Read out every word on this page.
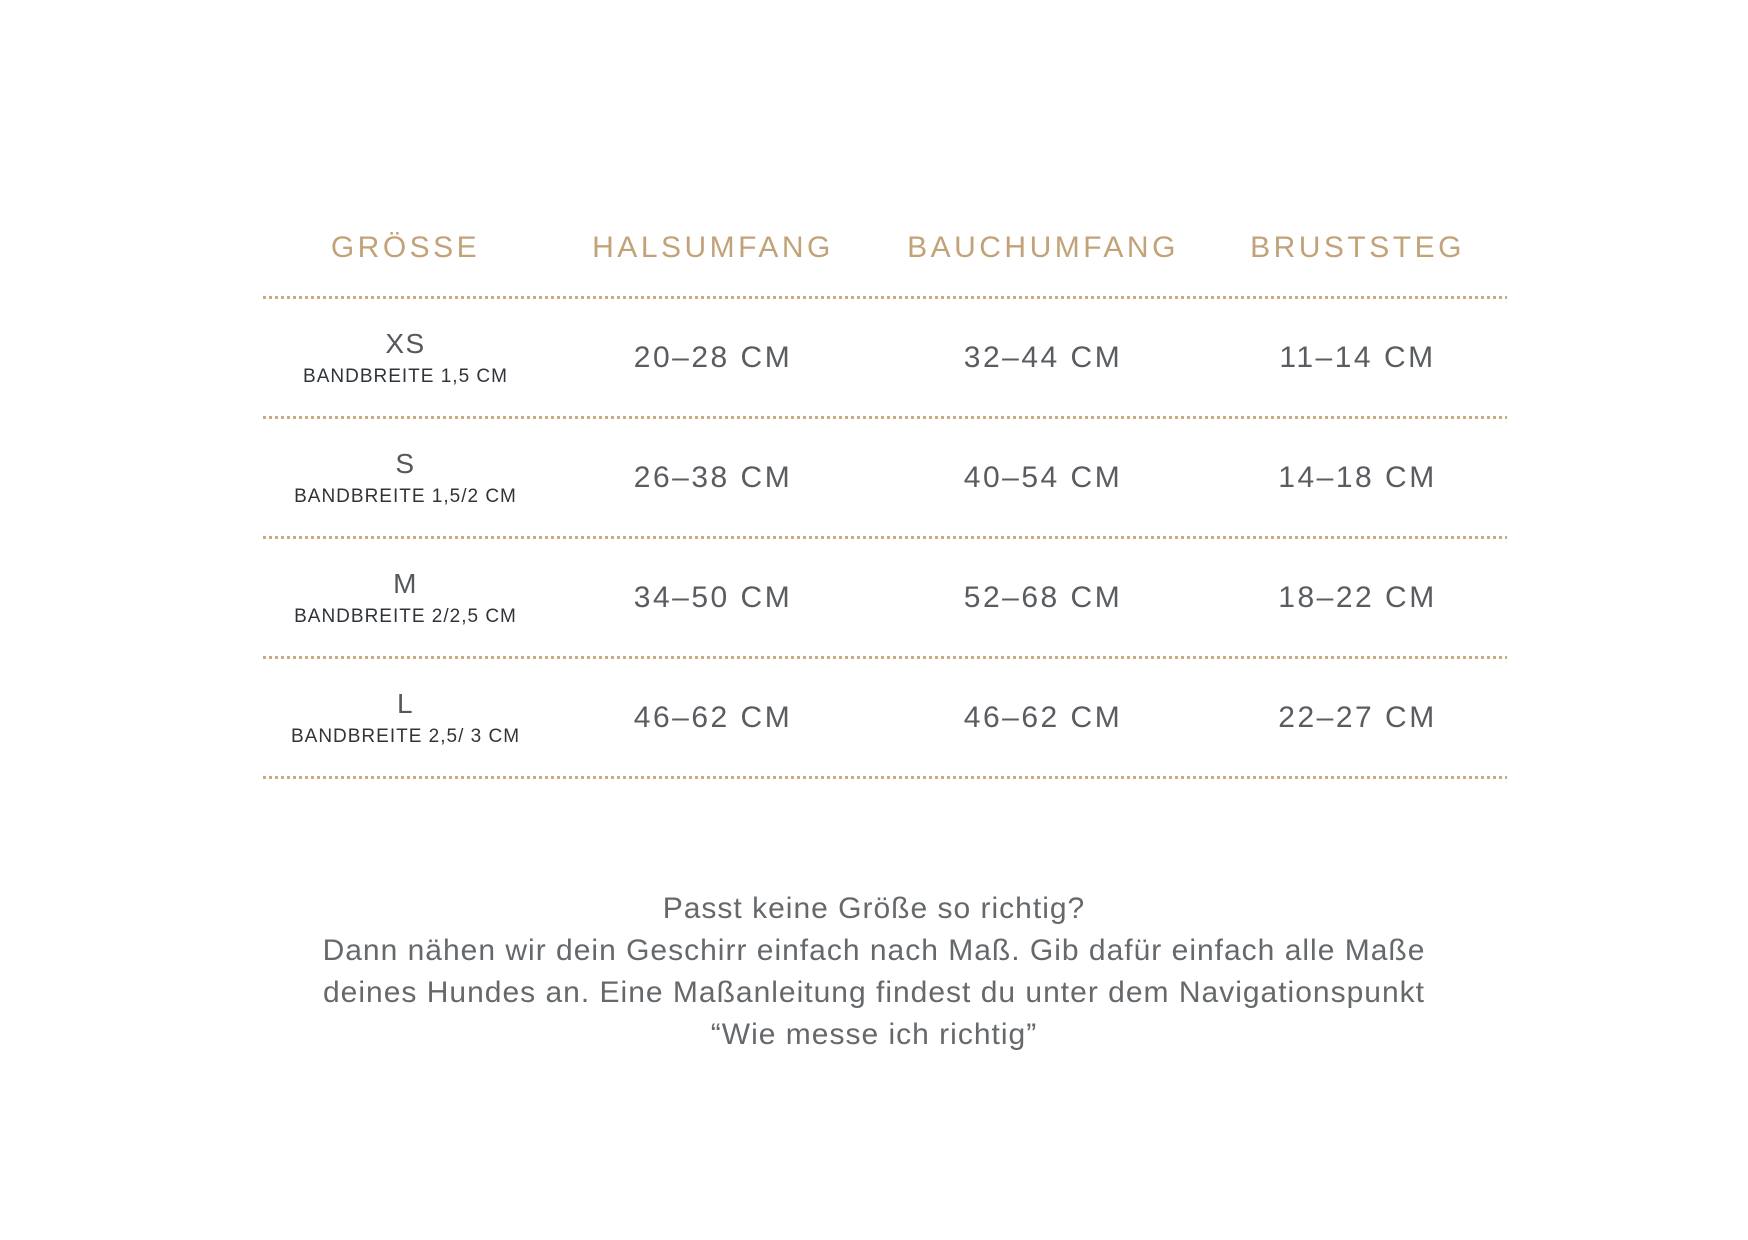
GRÖSSE	HALSUMFANG	BAUCHUMFANG	BRUSTSTEG
XS
BANDBREITE 1,5 CM
20–28 CM	32–44 CM	11–14 CM
S
BANDBREITE 1,5/2 CM
26–38 CM	40–54 CM	14–18 CM
M
BANDBREITE 2/2,5 CM
34–50 CM	52–68 CM	18–22 CM
L
BANDBREITE 2,5/ 3 CM
46–62 CM	46–62 CM	22–27 CM
Passt keine Größe so richtig?
Dann nähen wir dein Geschirr einfach nach Maß. Gib dafür einfach alle Maße
deines Hundes an. Eine Maßanleitung findest du unter dem Navigationspunkt
“Wie messe ich richtig”
